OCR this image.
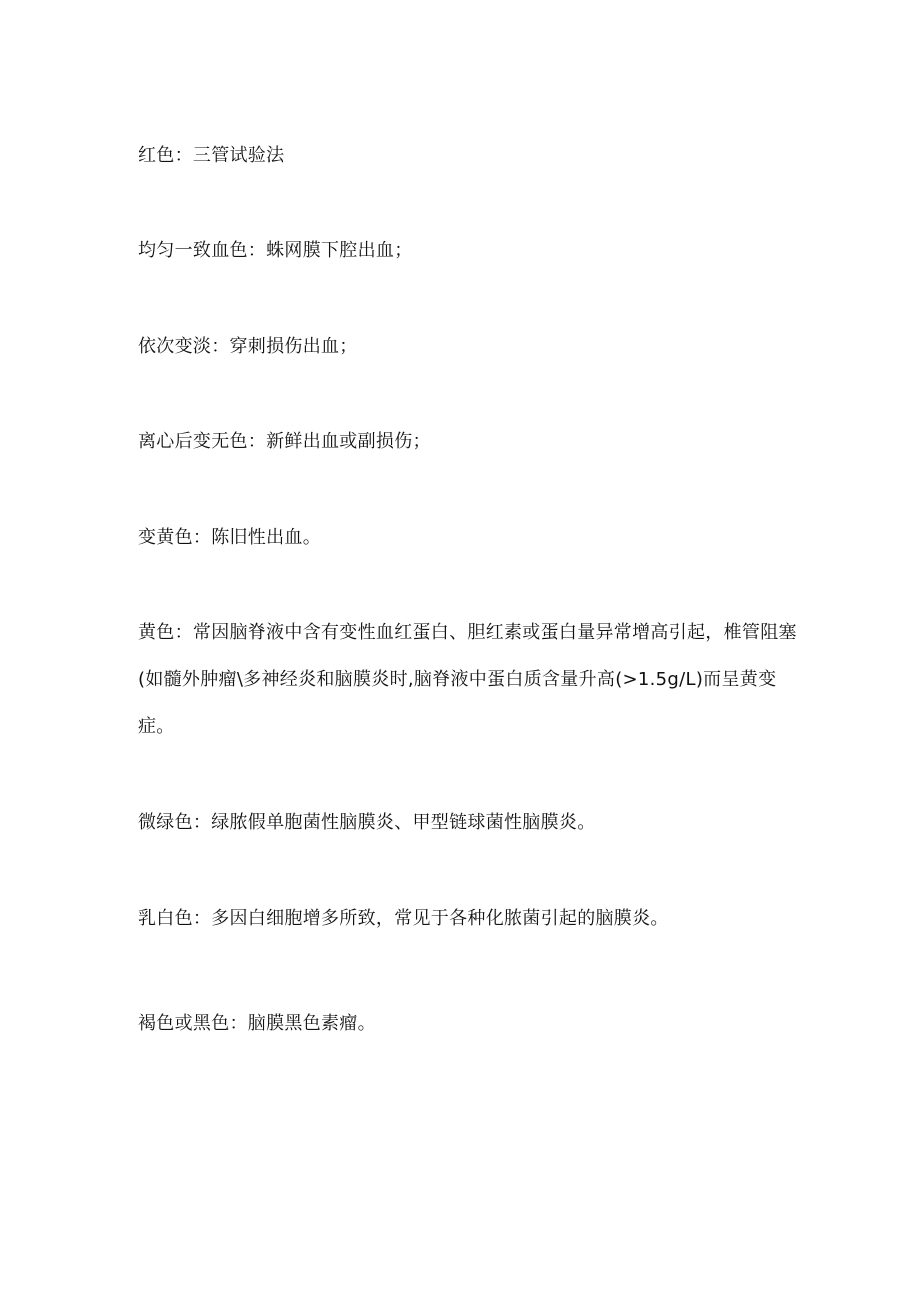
红色：三管试验法

均匀一致血色：蛛网膜下腔出血；

依次变淡：穿刺损伤出血；

离心后变无色：新鲜出血或副损伤；

变黄色：陈旧性出血。

黄色：常因脑脊液中含有变性血红蛋白、胆红素或蛋白量异常增高引起，椎管阻塞(如髓外肿瘤\多神经炎和脑膜炎时,脑脊液中蛋白质含量升高(>1.5g/L)而呈黄变症。

微绿色：绿脓假单胞菌性脑膜炎、甲型链球菌性脑膜炎。

乳白色：多因白细胞增多所致，常见于各种化脓菌引起的脑膜炎。

褐色或黑色：脑膜黑色素瘤。
